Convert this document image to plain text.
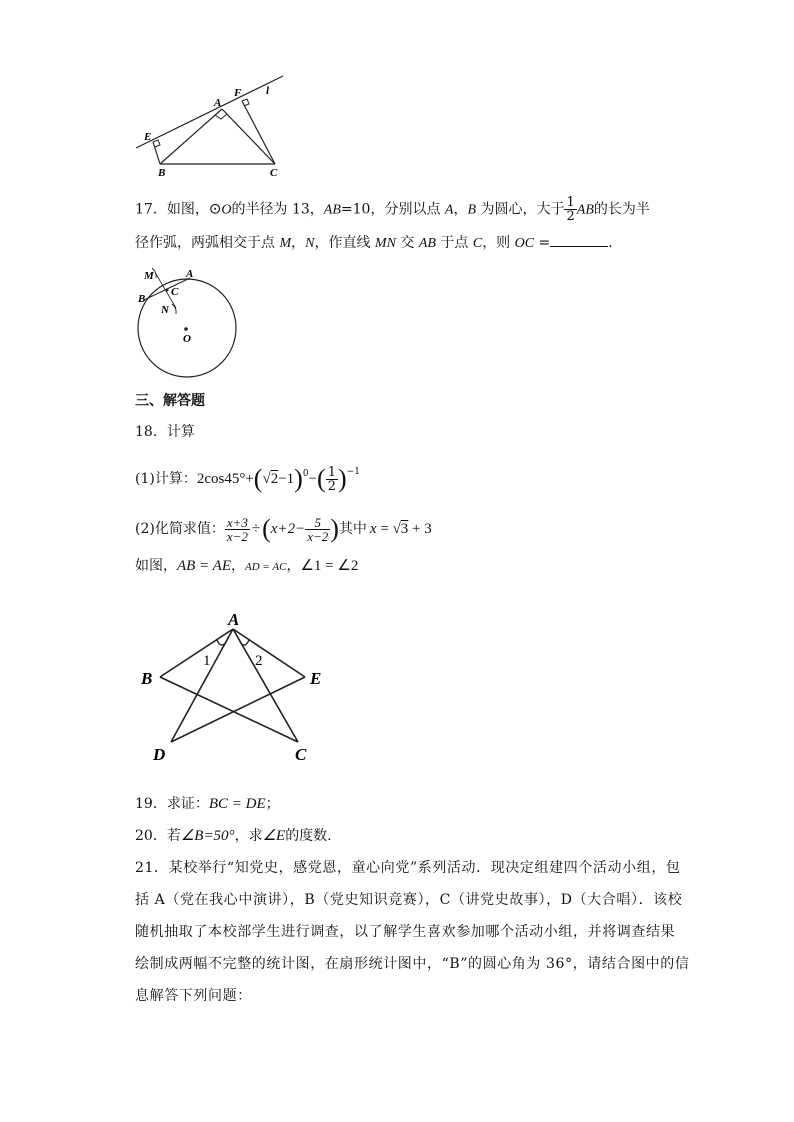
A
F l
E
B	C
17．如图，⊙O的半径为 13，AB=10，分别以点 A，B 为圆心，大于 $\frac{1}{2}$ AB的长为半
径作弧，两弧相交于点 M，N，作直线 MN 交 AB 于点 C，则 OC =	.
M	A
B
C
N
O
三、解答题
18．计算
(1)计算： 2cos45°+ ( √2 −1 )$^0$ − ( $\frac{1}{2} )^{-1}$
(2)化简求值： $\frac{x+3}{x-2}$ ÷ ( $x+2- \frac{5}{x-2}$ ) 其中 x = √3 + 3
如图，AB = AE，AD = AC，∠1 = ∠2
A
B	E
D	C
1	2
19．求证：BC = DE；
20．若∠B=50°，求∠E的度数.
21．某校举行“知党史，感党恩，童心向党”系列活动．现决定组建四个活动小组，包
括 A（党在我心中演讲），B（党史知识竞赛），C（讲党史故事），D（大合唱）．该校
随机抽取了本校部学生进行调查，以了解学生喜欢参加哪个活动小组，并将调查结果
绘制成两幅不完整的统计图，在扇形统计图中，“B”的圆心角为 36°，请结合图中的信
息解答下列问题：
